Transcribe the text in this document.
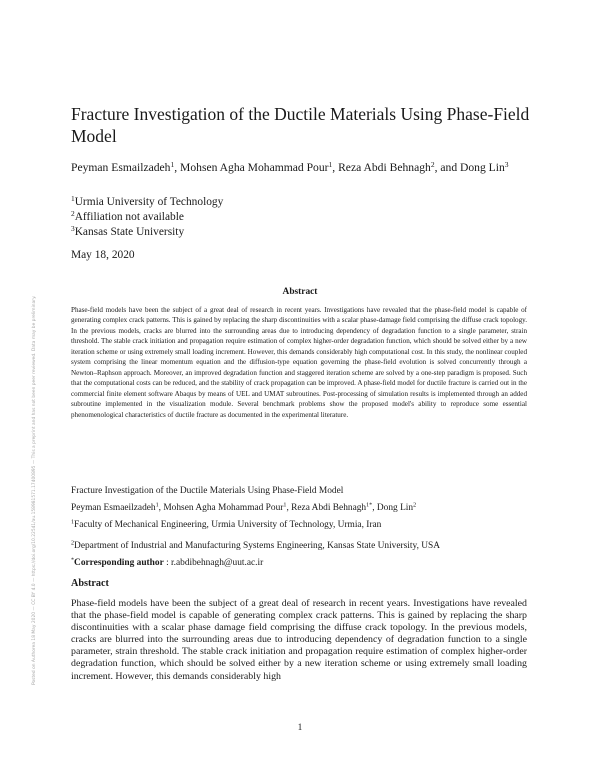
Posted on Authorea 18 May 2020 — CC BY 4.0 — https://doi.org/10.22541/au.158981571.17400895 — This a preprint and has not been peer reviewed. Data may be preliminary.
Fracture Investigation of the Ductile Materials Using Phase-Field Model
Peyman Esmailzadeh$^1$, Mohsen Agha Mohammad Pour$^1$, Reza Abdi Behnagh$^2$, and Dong Lin$^3$
$^1$Urmia University of Technology
$^2$Affiliation not available
$^3$Kansas State University
May 18, 2020
Abstract
Phase-field models have been the subject of a great deal of research in recent years. Investigations have revealed that the phase-field model is capable of generating complex crack patterns. This is gained by replacing the sharp discontinuities with a scalar phase-damage field comprising the diffuse crack topology. In the previous models, cracks are blurred into the surrounding areas due to introducing dependency of degradation function to a single parameter, strain threshold. The stable crack initiation and propagation require estimation of complex higher-order degradation function, which should be solved either by a new iteration scheme or using extremely small loading increment. However, this demands considerably high computational cost. In this study, the nonlinear coupled system comprising the linear momentum equation and the diffusion-type equation governing the phase-field evolution is solved concurrently through a Newton–Raphson approach. Moreover, an improved degradation function and staggered iteration scheme are solved by a one-step paradigm is proposed. Such that the computational costs can be reduced, and the stability of crack propagation can be improved. A phase-field model for ductile fracture is carried out in the commercial finite element software Abaqus by means of UEL and UMAT subroutines. Post-processing of simulation results is implemented through an added subroutine implemented in the visualization module. Several benchmark problems show the proposed model's ability to reproduce some essential phenomenological characteristics of ductile fracture as documented in the experimental literature.
Fracture Investigation of the Ductile Materials Using Phase-Field Model
Peyman Esmaeilzadeh$^1$, Mohsen Agha Mohammad Pour$^1$, Reza Abdi Behnagh$^{1*}$, Dong Lin$^2$
$^1$Faculty of Mechanical Engineering, Urmia University of Technology, Urmia, Iran
$^2$Department of Industrial and Manufacturing Systems Engineering, Kansas State University, USA
*Corresponding author : r.abdibehnagh@uut.ac.ir
Abstract
Phase-field models have been the subject of a great deal of research in recent years. Investigations have revealed that the phase-field model is capable of generating complex crack patterns. This is gained by replacing the sharp discontinuities with a scalar phase damage field comprising the diffuse crack topology. In the previous models, cracks are blurred into the surrounding areas due to introducing dependency of degradation function to a single parameter, strain threshold. The stable crack initiation and propagation require estimation of complex higher-order degradation function, which should be solved either by a new iteration scheme or using extremely small loading increment. However, this demands considerably high
1
